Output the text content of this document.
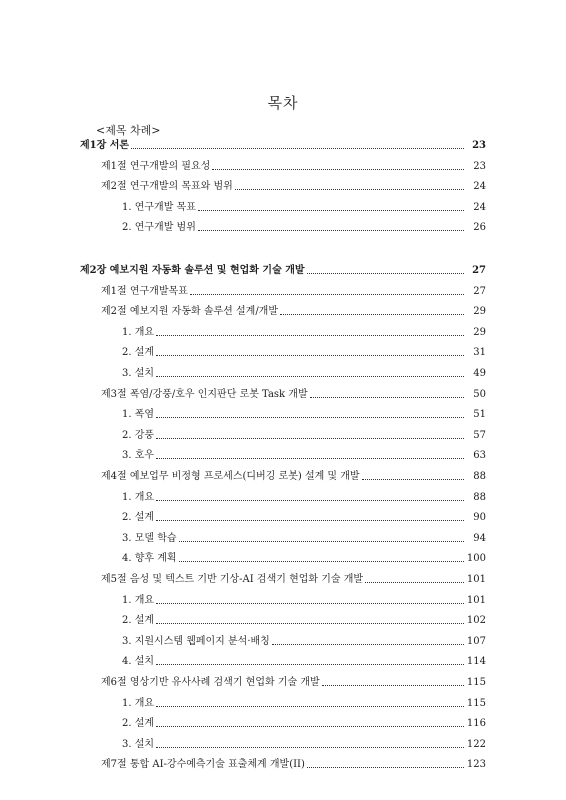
목차
<제목 차례>
제1장 서론	23
제1절 연구개발의 필요성	23
제2절 연구개발의 목표와 범위	24
1. 연구개발 목표	24
2. 연구개발 범위	26
제2장 예보지원 자동화 솔루션 및 현업화 기술 개발	27
제1절 연구개발목표	27
제2절 예보지원 자동화 솔루션 설계/개발	29
1. 개요	29
2. 설계	31
3. 설치	49
제3절 폭염/강풍/호우 인지판단 로봇 Task 개발	50
1. 폭염	51
2. 강풍	57
3. 호우	63
제4절 예보업무 비정형 프로세스(디버깅 로봇) 설계 및 개발	88
1. 개요	88
2. 설계	90
3. 모델 학습	94
4. 향후 계획	100
제5절 음성 및 텍스트 기반 기상-AI 검색기 현업화 기술 개발	101
1. 개요	101
2. 설계	102
3. 지원시스템 웹페이지 분석·배칭	107
4. 설치	114
제6절 영상기반 유사사례 검색기 현업화 기술 개발	115
1. 개요	115
2. 설계	116
3. 설치	122
제7절 통합 AI-강수예측기술 표출체계 개발(II)	123
